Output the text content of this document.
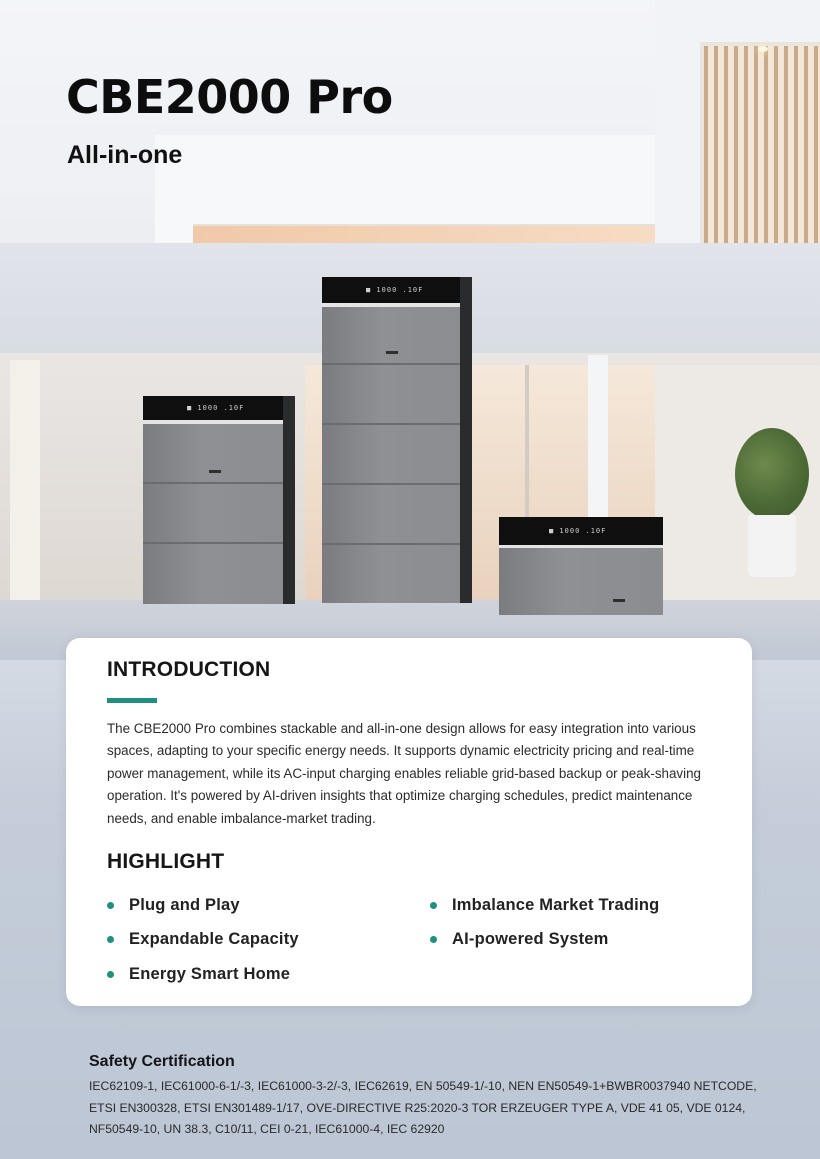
■ 1000 .10F
■ 1000 .10F
■ 1000 .10F
CBE2000 Pro
All-in-one
INTRODUCTION

The CBE2000 Pro combines stackable and all-in-one design allows for easy integration into various spaces, adapting to your specific energy needs. It supports dynamic electricity pricing and real-time power management, while its AC-input charging enables reliable grid-based backup or peak-shaving operation. It's powered by AI-driven insights that optimize charging schedules, predict maintenance needs, and enable imbalance-market trading.

HIGHLIGHT
Plug and Play
Expandable Capacity
Energy Smart Home
Imbalance Market Trading
AI-powered System
Safety Certification

IEC62109-1, IEC61000-6-1/-3, IEC61000-3-2/-3, IEC62619, EN 50549-1/-10, NEN EN50549-1+BWBR0037940 NETCODE, ETSI EN300328, ETSI EN301489-1/17, OVE-DIRECTIVE R25:2020-3 TOR ERZEUGER TYPE A, VDE 41 05, VDE 0124, NF50549-10, UN 38.3, C10/11, CEI 0-21, IEC61000-4, IEC 62920
